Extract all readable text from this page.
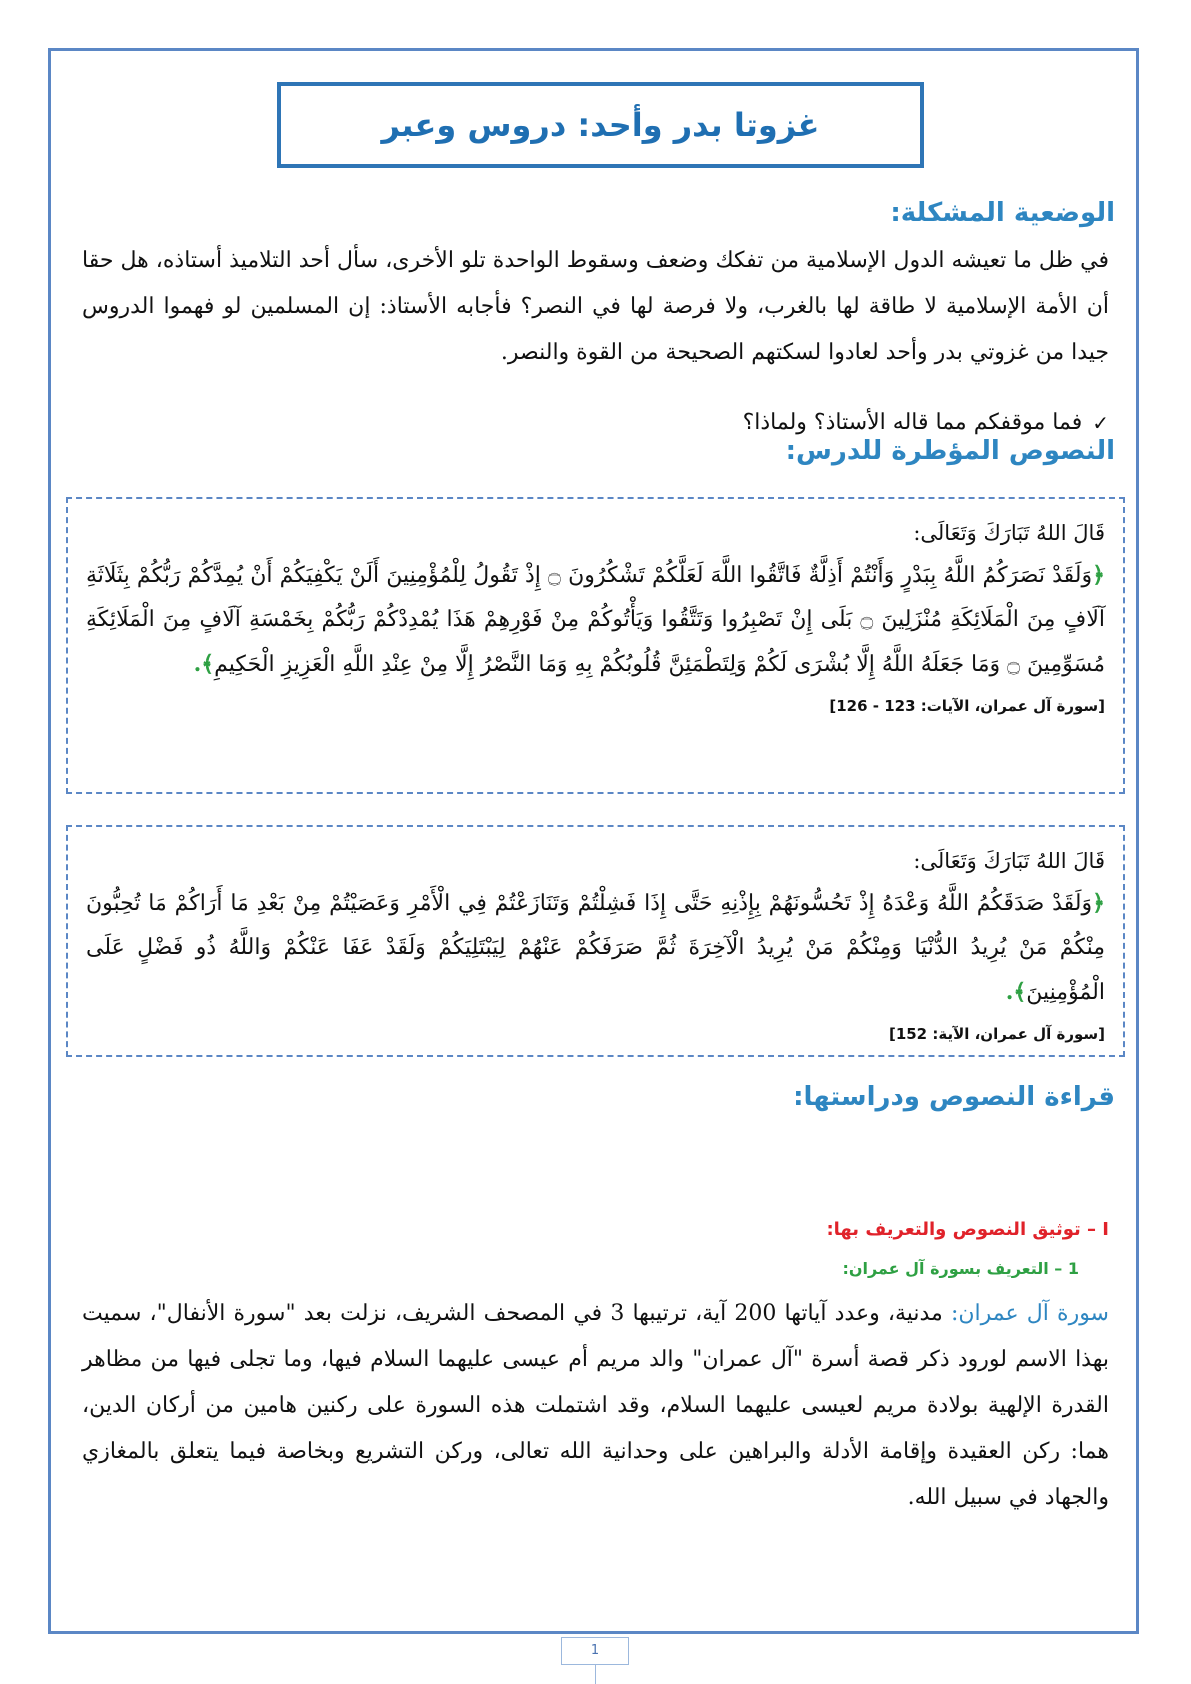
غزوتا بدر وأحد: دروس وعبر
الوضعية المشكلة:

في ظل ما تعيشه الدول الإسلامية من تفكك وضعف وسقوط الواحدة تلو الأخرى، سأل أحد التلاميذ أستاذه، هل حقا أن الأمة الإسلامية لا طاقة لها بالغرب، ولا فرصة لها في النصر؟ فأجابه الأستاذ: إن المسلمين لو فهموا الدروس جيدا من غزوتي بدر وأحد لعادوا لسكتهم الصحيحة من القوة والنصر.

✓
فما موقفكم مما قاله الأستاذ؟ ولماذا؟
النصوص المؤطرة للدرس:

قَالَ اللهُ تَبَارَكَ وَتَعَالَى:

﴿وَلَقَدْ نَصَرَكُمُ اللَّهُ بِبَدْرٍ وَأَنْتُمْ أَذِلَّةٌ فَاتَّقُوا اللَّهَ لَعَلَّكُمْ تَشْكُرُونَ ۝ إِذْ تَقُولُ لِلْمُؤْمِنِينَ أَلَنْ يَكْفِيَكُمْ أَنْ يُمِدَّكُمْ رَبُّكُمْ بِثَلَاثَةِ آلَافٍ مِنَ الْمَلَائِكَةِ مُنْزَلِينَ ۝ بَلَى إِنْ تَصْبِرُوا وَتَتَّقُوا وَيَأْتُوكُمْ مِنْ فَوْرِهِمْ هَذَا يُمْدِدْكُمْ رَبُّكُمْ بِخَمْسَةِ آلَافٍ مِنَ الْمَلَائِكَةِ مُسَوِّمِينَ ۝ وَمَا جَعَلَهُ اللَّهُ إِلَّا بُشْرَى لَكُمْ وَلِتَطْمَئِنَّ قُلُوبُكُمْ بِهِ وَمَا النَّصْرُ إِلَّا مِنْ عِنْدِ اللَّهِ الْعَزِيزِ الْحَكِيمِ﴾.

[سورة آل عمران، الآيات: 123 - 126]

قَالَ اللهُ تَبَارَكَ وَتَعَالَى:

﴿وَلَقَدْ صَدَقَكُمُ اللَّهُ وَعْدَهُ إِذْ تَحُسُّونَهُمْ بِإِذْنِهِ حَتَّى إِذَا فَشِلْتُمْ وَتَنَازَعْتُمْ فِي الْأَمْرِ وَعَصَيْتُمْ مِنْ بَعْدِ مَا أَرَاكُمْ مَا تُحِبُّونَ مِنْكُمْ مَنْ يُرِيدُ الدُّنْيَا وَمِنْكُمْ مَنْ يُرِيدُ الْآخِرَةَ ثُمَّ صَرَفَكُمْ عَنْهُمْ لِيَبْتَلِيَكُمْ وَلَقَدْ عَفَا عَنْكُمْ وَاللَّهُ ذُو فَضْلٍ عَلَى الْمُؤْمِنِينَ﴾.

[سورة آل عمران، الآية: 152]
قراءة النصوص ودراستها:
I – توثيق النصوص والتعريف بها:
1 – التعريف بسورة آل عمران:

سورة آل عمران: مدنية، وعدد آياتها 200 آية، ترتيبها 3 في المصحف الشريف، نزلت بعد "سورة الأنفال"، سميت بهذا الاسم لورود ذكر قصة أسرة "آل عمران" والد مريم أم عيسى عليهما السلام فيها، وما تجلى فيها من مظاهر القدرة الإلهية بولادة مريم لعيسى عليهما السلام، وقد اشتملت هذه السورة على ركنين هامين من أركان الدين، هما: ركن العقيدة وإقامة الأدلة والبراهين على وحدانية الله تعالى، وركن التشريع وبخاصة فيما يتعلق بالمغازي والجهاد في سبيل الله.

1
